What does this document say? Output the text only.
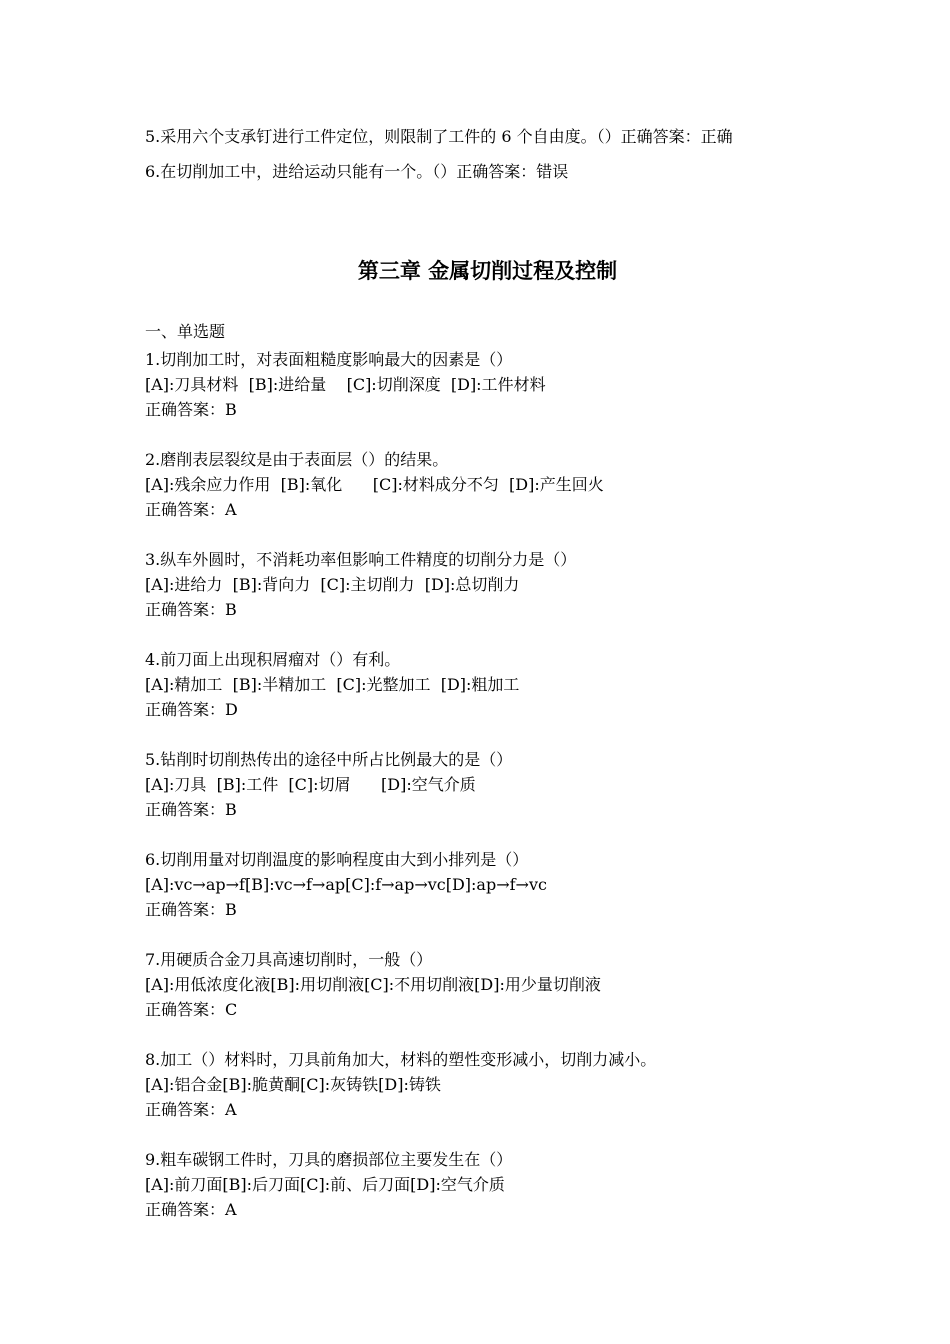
5.采用六个支承钉进行工件定位，则限制了工件的 6 个自由度。（）正确答案：正确
6.在切削加工中，进给运动只能有一个。（）正确答案：错误
第三章 金属切削过程及控制
一、单选题
1.切削加工时，对表面粗糙度影响最大的因素是（）
[A]:刀具材料  [B]:进给量    [C]:切削深度  [D]:工件材料
正确答案：B
2.磨削表层裂纹是由于表面层（）的结果。
[A]:残余应力作用  [B]:氧化      [C]:材料成分不匀  [D]:产生回火
正确答案：A
3.纵车外圆时，不消耗功率但影响工件精度的切削分力是（）
[A]:进给力  [B]:背向力  [C]:主切削力  [D]:总切削力
正确答案：B
4.前刀面上出现积屑瘤对（）有利。
[A]:精加工  [B]:半精加工  [C]:光整加工  [D]:粗加工
正确答案：D
5.钻削时切削热传出的途径中所占比例最大的是（）
[A]:刀具  [B]:工件  [C]:切屑      [D]:空气介质
正确答案：B
6.切削用量对切削温度的影响程度由大到小排列是（）
[A]:vc→ap→f[B]:vc→f→ap[C]:f→ap→vc[D]:ap→f→vc
正确答案：B
7.用硬质合金刀具高速切削时，一般（）
[A]:用低浓度化液[B]:用切削液[C]:不用切削液[D]:用少量切削液
正确答案：C
8.加工（）材料时，刀具前角加大，材料的塑性变形减小，切削力减小。
[A]:铝合金[B]:脆黄酮[C]:灰铸铁[D]:铸铁
正确答案：A
9.粗车碳钢工件时，刀具的磨损部位主要发生在（）
[A]:前刀面[B]:后刀面[C]:前、后刀面[D]:空气介质
正确答案：A
